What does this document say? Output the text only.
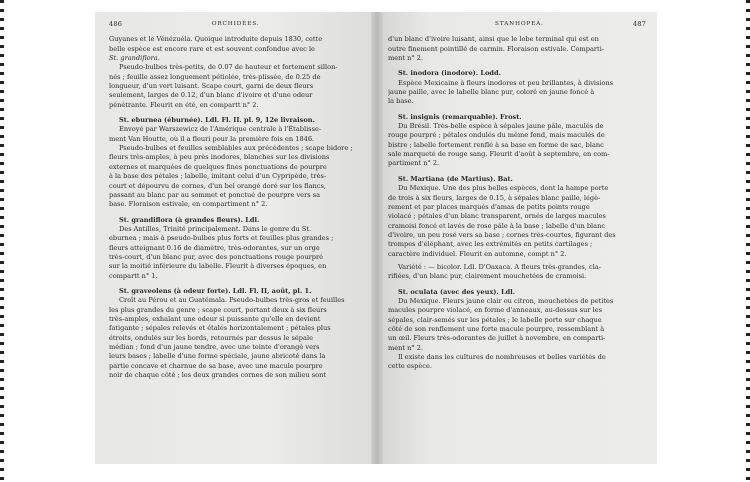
486	ORCHIDÉES.
Guyanes et le Vénézuéla. Quoique introduite depuis 1830, cette
belle espèce est encore rare et est souvent confondue avec le
St. grandiflora.
Pseudo-bulbes très-petits, de 0.07 de hauteur et fortement sillon-
nés ; feuille assez longuement pétiolée, très-plissée, de 0.25 de
longueur, d'un vert luisant. Scape court, garni de deux fleurs
seulement, larges de 0.12, d'un blanc d'ivoire et d'une odeur
pénétrante. Fleurit en été, en compartt n° 2.
St. eburnea (éburnée). Ldl. Fl. II. pl. 9, 12e livraison.
Envoyé par Warszewicz de l'Amérique centrale à l'Établisse-
ment Van Houtte, où il a fleuri pour la première fois en 1846.
Pseudo-bulbes et feuilles semblables aux précédentes ; scape bidore ;
fleurs très-amples, à peu près inodores, blanches sur les divisions
externes et marquées de quelques fines ponctuations de pourpre
à la base des pétales ; labelle, imitant celui d'un Cypripède, très-
court et dépourvu de cornes, d'un bel orangé doré sur les flancs,
passant au blanc par au sommet et ponctué de pourpre vers sa
base. Floraison estivale, en compartiment n° 2.
St. grandiflora (à grandes fleurs). Ldl.
Des Antilles, Trinité principalement. Dans le genre du St.
eburnea ; mais à pseudo-bulbes plus forts et feuilles plus grandes ;
fleurs atteignant 0.16 de diamètre, très-odorantes, sur un orge
très-court, d'un blanc pur, avec des ponctuations rouge pourpré
sur la moitié inférieure du labelle. Fleurit à diverses époques, en
compartt n° 1.
St. graveolens (à odeur forte). Ldl. Fl. II, août, pl. 1.
Croît au Pérou et au Guatémala. Pseudo-bulbes très-gros et feuilles
les plus grandes du genre ; scape court, portant deux à six fleurs
très-amples, exhalant une odeur si puissante qu'elle en devient
fatigante ; sépales relevés et étalés horizontalement ; pétales plus
étroits, ondulés sur les bords, retournés par dessus le sépale
médian ; fond d'un jaune tendre, avec une teinte d'orangé vers
leurs bases ; labelle d'une forme spéciale, jaune abricoté dans la
partie concave et charnue de sa base, avec une macule pourpre
noir de chaque côté ; les deux grandes cornes de son milieu sont
STANHOPEA.	487
d'un blanc d'ivoire luisant, ainsi que le lobe terminal qui est en
outre finement pointillé de carmin. Floraison estivale. Comparti-
ment n° 2.
St. inodora (inodore). Lodd.
Espèce Mexicaine à fleurs inodores et peu brillantes, à divisions
jaune paille, avec le labelle blanc pur, coloré en jaune foncé à
la base.
St. insignis (remarquable). Frost.
Du Brésil. Très-belle espèce à sépales jaune pâle, maculés de
rouge pourpré ; pétales ondulés du même fond, mais maculés de
bistre ; labelle fortement renflé à sa base en forme de sac, blanc
sale marqueté de rouge sang. Fleurit d'août à septembre, en com-
partiment n° 2.
St. Martiana (de Martius). Bat.
Du Mexique. Une des plus belles espèces, dont la hampe porte
de trois à six fleurs, larges de 0.15, à sépales blanc paille, légè-
rement et par places marqués d'amas de petits points rouge
violacé ; pétales d'un blanc transparent, ornés de larges macules
cramoisi foncé et lavés de rose pâle à la base ; labelle d'un blanc
d'ivoire, un peu rosé vers sa base ; cornes très-courtes, figurant des
trompes d'éléphant, avec les extrémités en petits cartilages ;
caractère individuel. Fleurit en automne, compt n° 2.
Variété : — bicolor. Ldl. D'Oaxaca. A fleurs très-grandes, cla-
rifiées, d'un blanc pur, clairement mouchetées de cramoisi.
St. oculata (avec des yeux). Ldl.
Du Mexique. Fleurs jaune clair ou citron, mouchetées de petites
macules pourpre violacé, en forme d'anneaux, au-dessus sur les
sépales, clair-semés sur les pétales ; le labelle porte sur chaque
côté de son renflement une forte macule pourpre, ressemblant à
un œil. Fleurs très-odorantes de juillet à novembre, en comparti-
ment n° 2.
Il existe dans les cultures de nombreuses et belles variétés de
cette espèce.
